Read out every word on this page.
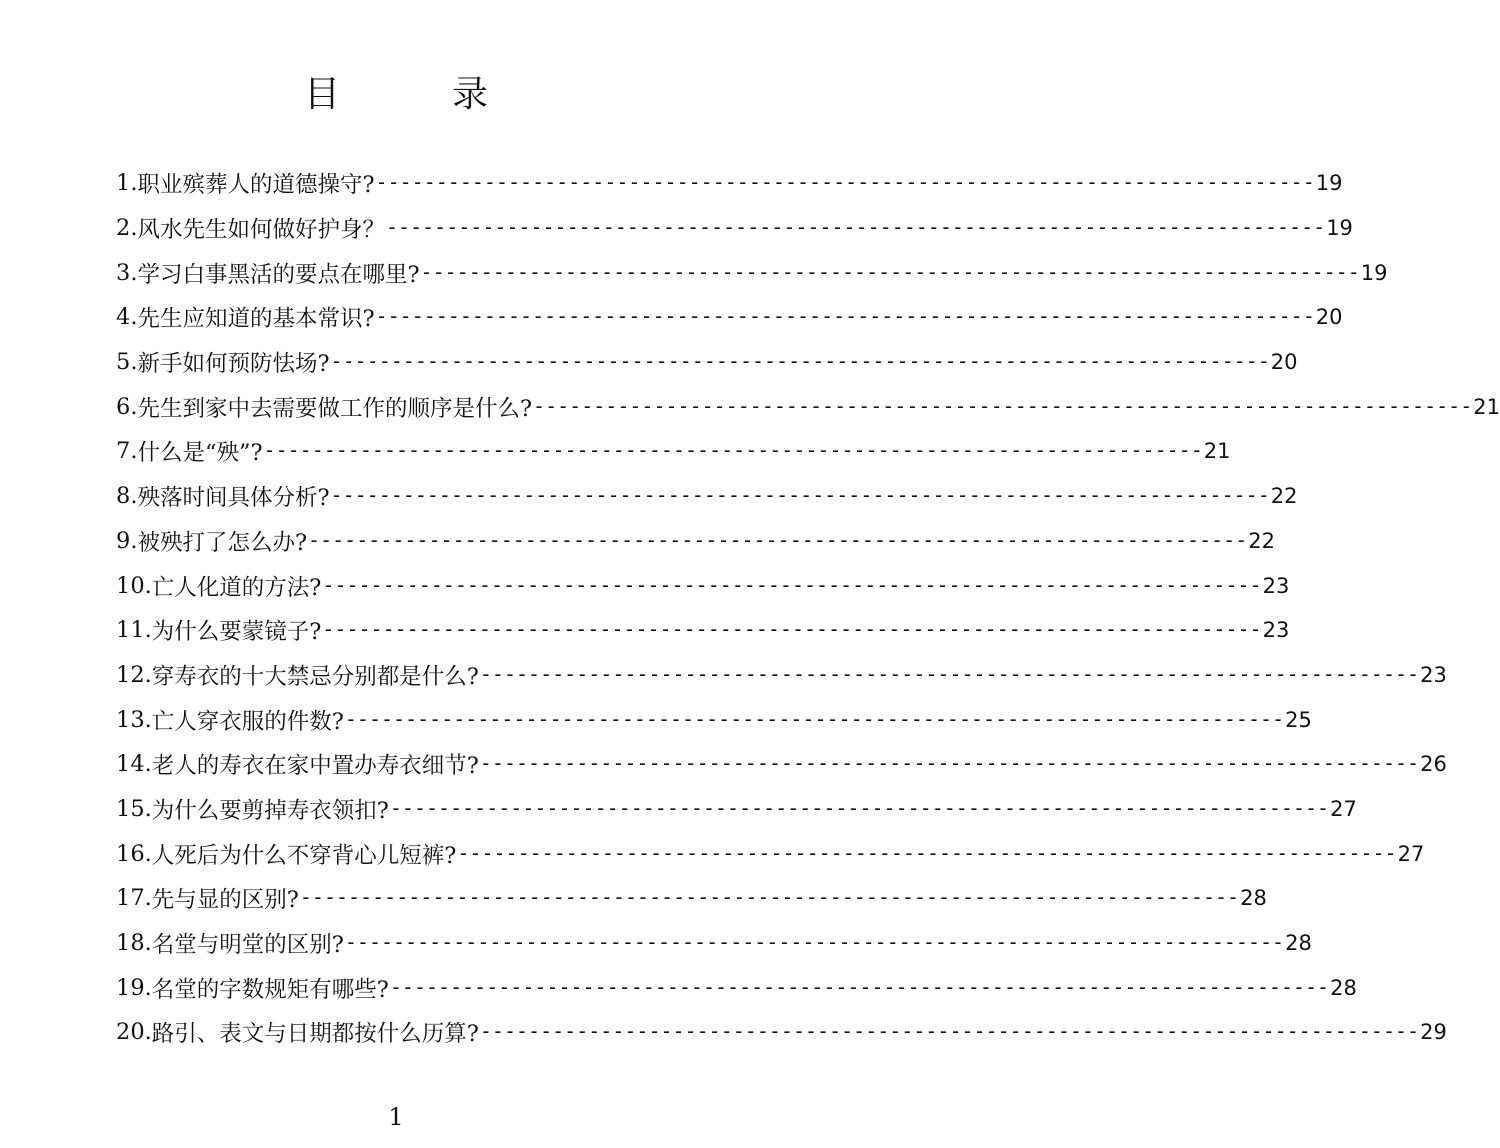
目　录
1. 职业殡葬人的道德操守? ------------------------------------------------------------------------------ 19
2. 风水先生如何做好护身？ ------------------------------------------------------------------------------ 19
3. 学习白事黑活的要点在哪里? ------------------------------------------------------------------------------ 19
4. 先生应知道的基本常识? ------------------------------------------------------------------------------ 20
5. 新手如何预防怯场? ------------------------------------------------------------------------------ 20
6. 先生到家中去需要做工作的顺序是什么? ------------------------------------------------------------------------------ 21
7. 什么是“殃”? ------------------------------------------------------------------------------ 21
8. 殃落时间具体分析? ------------------------------------------------------------------------------ 22
9. 被殃打了怎么办? ------------------------------------------------------------------------------ 22
10. 亡人化道的方法? ------------------------------------------------------------------------------ 23
11. 为什么要蒙镜子? ------------------------------------------------------------------------------ 23
12. 穿寿衣的十大禁忌分别都是什么? ------------------------------------------------------------------------------ 23
13. 亡人穿衣服的件数? ------------------------------------------------------------------------------ 25
14. 老人的寿衣在家中置办寿衣细节? ------------------------------------------------------------------------------ 26
15. 为什么要剪掉寿衣领扣? ------------------------------------------------------------------------------ 27
16. 人死后为什么不穿背心儿短裤? ------------------------------------------------------------------------------ 27
17. 先与显的区别? ------------------------------------------------------------------------------ 28
18. 名堂与明堂的区别? ------------------------------------------------------------------------------ 28
19. 名堂的字数规矩有哪些? ------------------------------------------------------------------------------ 28
20. 路引、表文与日期都按什么历算? ------------------------------------------------------------------------------ 29
1
